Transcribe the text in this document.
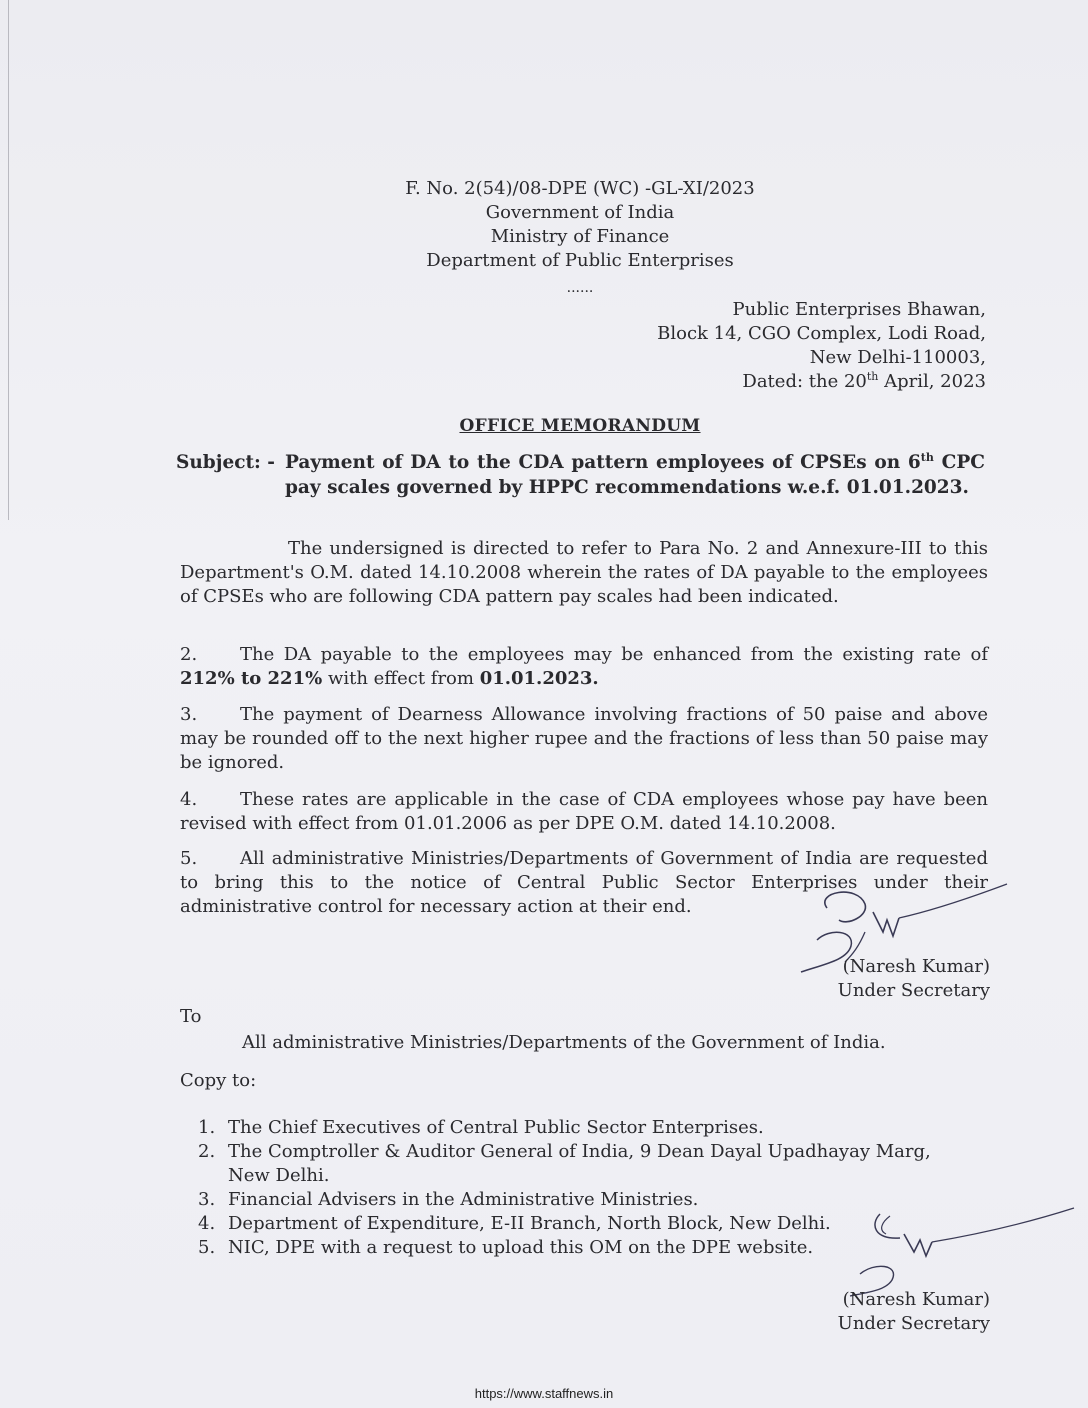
F. No. 2(54)/08-DPE (WC) -GL-XI/2023
Government of India
Ministry of Finance
Department of Public Enterprises
......
Public Enterprises Bhawan,
Block 14, CGO Complex, Lodi Road,
New Delhi-110003,
Dated: the 20th April, 2023
OFFICE MEMORANDUM
Subject: - Payment of DA to the CDA pattern employees of CPSEs on 6th CPC pay scales governed by HPPC recommendations w.e.f. 01.01.2023.
The undersigned is directed to refer to Para No. 2 and Annexure-III to this Department's O.M. dated 14.10.2008 wherein the rates of DA payable to the employees of CPSEs who are following CDA pattern pay scales had been indicated.
2. The DA payable to the employees may be enhanced from the existing rate of 212% to 221% with effect from 01.01.2023.
3. The payment of Dearness Allowance involving fractions of 50 paise and above may be rounded off to the next higher rupee and the fractions of less than 50 paise may be ignored.
4. These rates are applicable in the case of CDA employees whose pay have been revised with effect from 01.01.2006 as per DPE O.M. dated 14.10.2008.
5. All administrative Ministries/Departments of Government of India are requested to bring this to the notice of Central Public Sector Enterprises under their administrative control for necessary action at their end.
(Naresh Kumar)
Under Secretary
To
All administrative Ministries/Departments of the Government of India.
Copy to:
1. The Chief Executives of Central Public Sector Enterprises.
2. The Comptroller & Auditor General of India, 9 Dean Dayal Upadhayay Marg, New Delhi.
3. Financial Advisers in the Administrative Ministries.
4. Department of Expenditure, E-II Branch, North Block, New Delhi.
5. NIC, DPE with a request to upload this OM on the DPE website.
(Naresh Kumar)
Under Secretary
https://www.staffnews.in
